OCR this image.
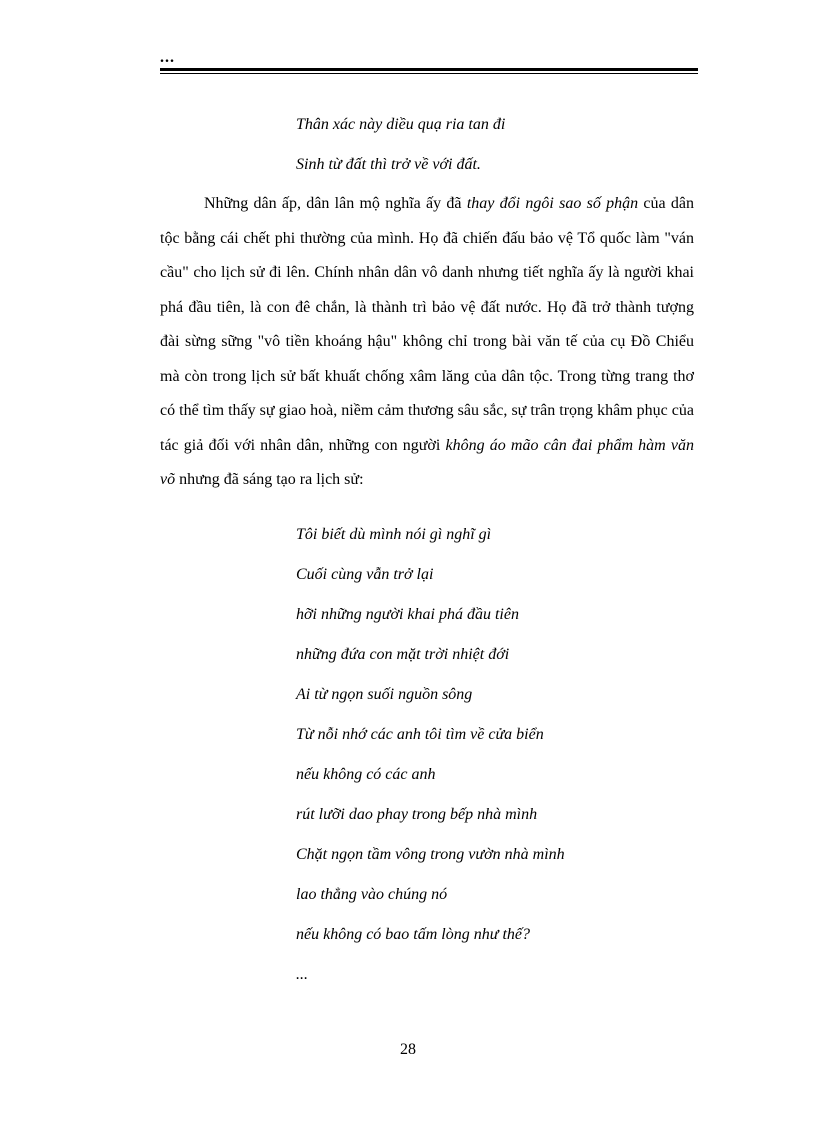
...
Thân xác này diều quạ ria tan đi
Sinh từ đất thì trở về với đất.

Những dân ấp, dân lân mộ nghĩa ấy đã thay đổi ngôi sao số phận của dân tộc bằng cái chết phi thường của mình. Họ đã chiến đấu bảo vệ Tổ quốc làm "ván cầu" cho lịch sử đi lên. Chính nhân dân vô danh nhưng tiết nghĩa ấy là người khai phá đầu tiên, là con đê chắn, là thành trì bảo vệ đất nước. Họ đã trở thành tượng đài sừng sững "vô tiền khoáng hậu" không chỉ trong bài văn tế của cụ Đồ Chiểu mà còn trong lịch sử bất khuất chống xâm lăng của dân tộc. Trong từng trang thơ có thể tìm thấy sự giao hoà, niềm cảm thương sâu sắc, sự trân trọng khâm phục của tác giả đối với nhân dân, những con người không áo mão cân đai phẩm hàm văn võ nhưng đã sáng tạo ra lịch sử:

Tôi biết dù mình nói gì nghĩ gì
Cuối cùng vẫn trở lại
hỡi những người khai phá đầu tiên
những đứa con mặt trời nhiệt đới
Ai từ ngọn suối nguồn sông
Từ nỗi nhớ các anh tôi tìm về cửa biển
nếu không có các anh
rút lưỡi dao phay trong bếp nhà mình
Chặt ngọn tầm vông trong vườn nhà mình
lao thẳng vào chúng nó
nếu không có bao tấm lòng như thế?
...
28
